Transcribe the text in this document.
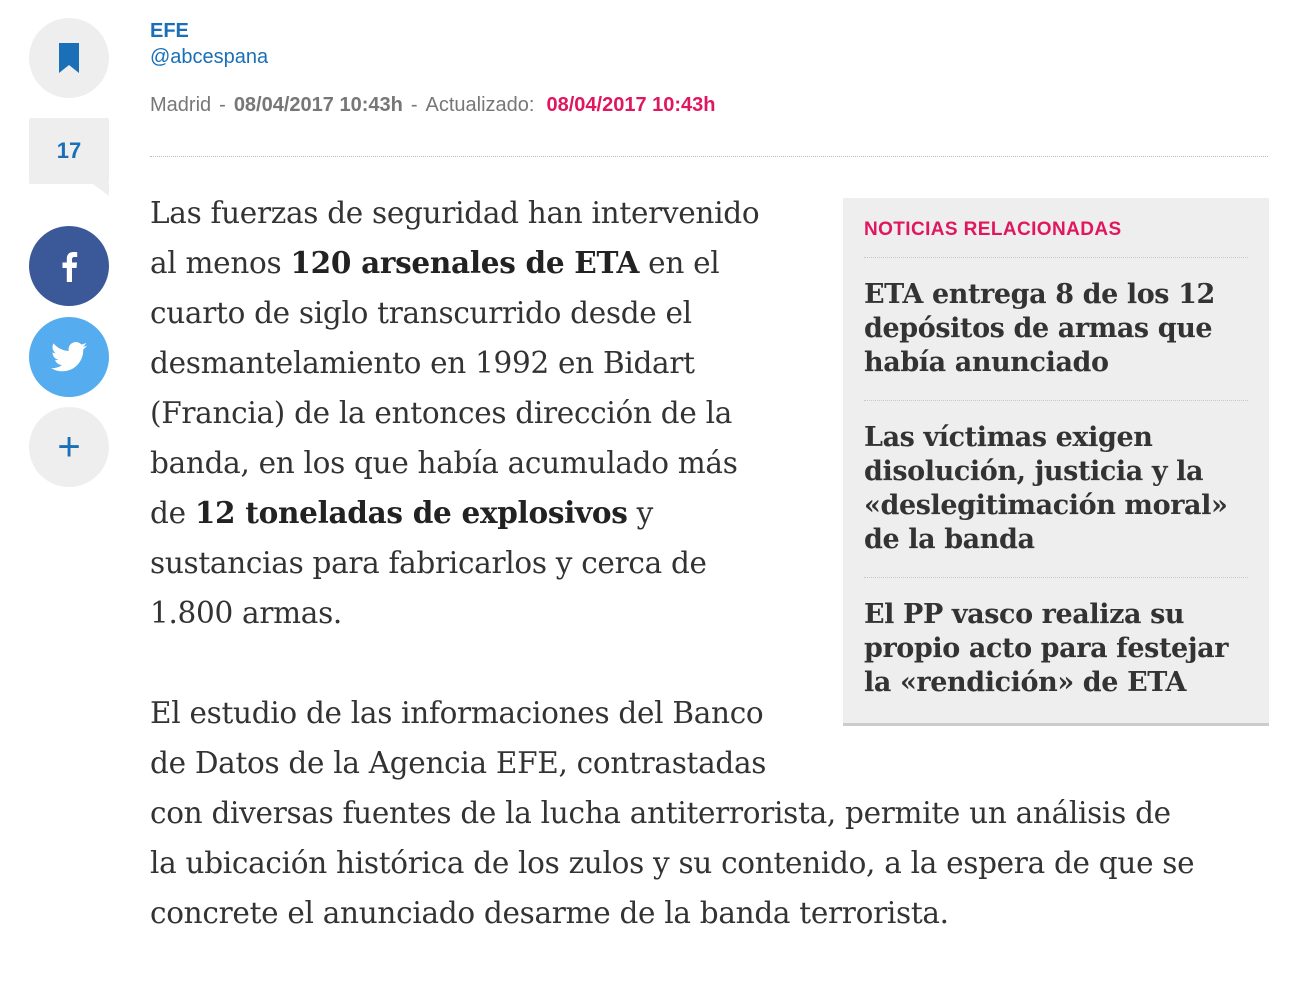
17
+
EFE
@abcespana
Madrid - 08/04/2017 10:43h - Actualizado: 08/04/2017 10:43h
Las fuerzas de seguridad han intervenido
al menos 120 arsenales de ETA en el
cuarto de siglo transcurrido desde el
desmantelamiento en 1992 en Bidart
(Francia) de la entonces dirección de la
banda, en los que había acumulado más
de 12 toneladas de explosivos y
sustancias para fabricarlos y cerca de
1.800 armas.
El estudio de las informaciones del Banco
de Datos de la Agencia EFE, contrastadas
con diversas fuentes de la lucha antiterrorista, permite un análisis de
la ubicación histórica de los zulos y su contenido, a la espera de que se
concrete el anunciado desarme de la banda terrorista.
NOTICIAS RELACIONADAS
ETA entrega 8 de los 12
depósitos de armas que
había anunciado
Las víctimas exigen
disolución, justicia y la
«deslegitimación moral»
de la banda
El PP vasco realiza su
propio acto para festejar
la «rendición» de ETA
